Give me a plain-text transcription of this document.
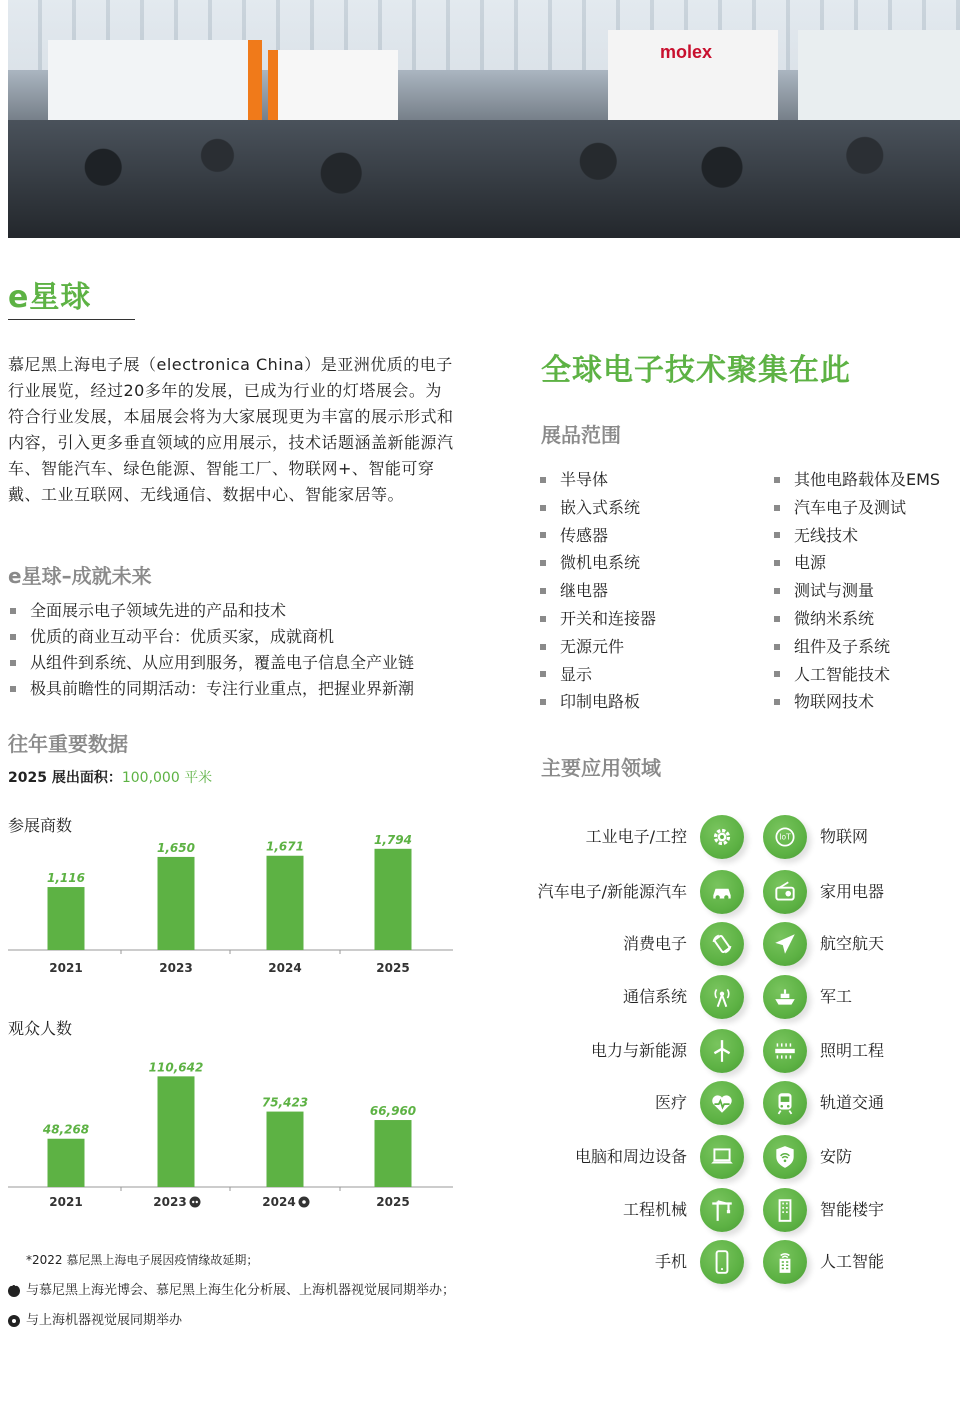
molex
e星球
慕尼黑上海电子展（electronica China）是亚洲优质的电子行业展览，经过20多年的发展，已成为行业的灯塔展会。为符合行业发展，本届展会将为大家展现更为丰富的展示形式和内容，引入更多垂直领域的应用展示，技术话题涵盖新能源汽车、智能汽车、绿色能源、智能工厂、物联网+、智能可穿戴、工业互联网、无线通信、数据中心、智能家居等。
e星球–成就未来
全面展示电子领域先进的产品和技术
优质的商业互动平台：优质买家，成就商机
从组件到系统、从应用到服务，覆盖电子信息全产业链
极具前瞻性的同期活动：专注行业重点，把握业界新潮
往年重要数据
2025 展出面积：100,000 平米
参展商数
1,116
2021
1,650
2023
1,671
2024
1,794
2025
观众人数
48,268
2021
110,642
2023
75,423
2024
66,960
2025
*2022 慕尼黑上海电子展因疫情缘故延期；
••与慕尼黑上海光博会、慕尼黑上海生化分析展、上海机器视觉展同期举办；
与上海机器视觉展同期举办
全球电子技术聚集在此
展品范围
半导体
嵌入式系统
传感器
微机电系统
继电器
开关和连接器
无源元件
显示
印制电路板
其他电路载体及EMS
汽车电子及测试
无线技术
电源
测试与测量
微纳米系统
组件及子系统
人工智能技术
物联网技术
主要应用领域
工业电子/工控	IoT 物联网
汽车电子/新能源汽车	家用电器
消费电子	航空航天
通信系统	军工
电力与新能源	照明工程
医疗	轨道交通
电脑和周边设备	安防
工程机械	智能楼宇
手机	人工智能
